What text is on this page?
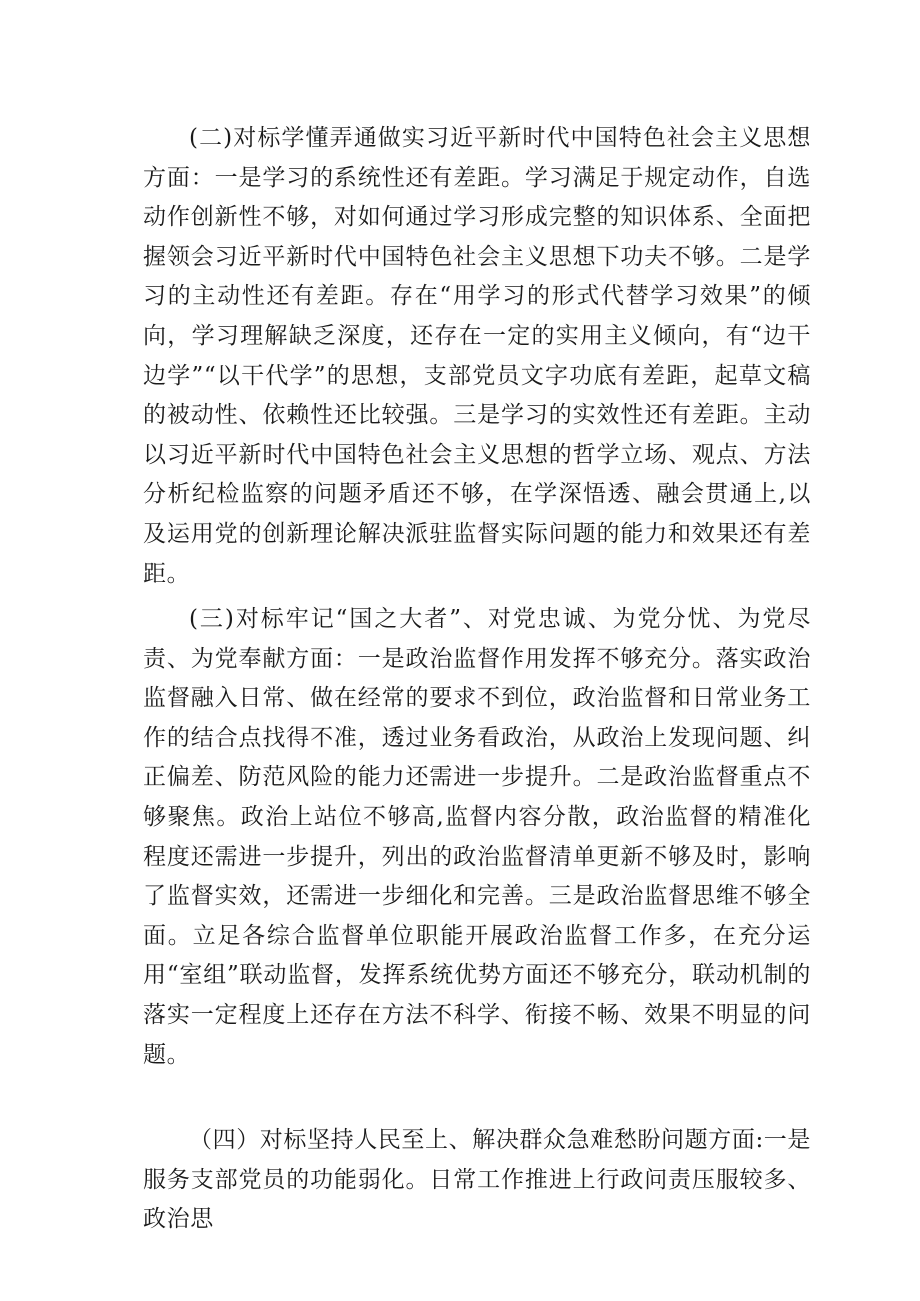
(二)对标学懂弄通做实习近平新时代中国特色社会主义思想方面：一是学习的系统性还有差距。学习满足于规定动作，自选动作创新性不够，对如何通过学习形成完整的知识体系、全面把握领会习近平新时代中国特色社会主义思想下功夫不够。二是学习的主动性还有差距。存在“用学习的形式代替学习效果”的倾向，学习理解缺乏深度，还存在一定的实用主义倾向，有“边干边学”“以干代学”的思想，支部党员文字功底有差距，起草文稿的被动性、依赖性还比较强。三是学习的实效性还有差距。主动以习近平新时代中国特色社会主义思想的哲学立场、观点、方法分析纪检监察的问题矛盾还不够，在学深悟透、融会贯通上,以及运用党的创新理论解决派驻监督实际问题的能力和效果还有差距。

(三)对标牢记“国之大者”、对党忠诚、为党分忧、为党尽责、为党奉献方面：一是政治监督作用发挥不够充分。落实政治监督融入日常、做在经常的要求不到位，政治监督和日常业务工作的结合点找得不准，透过业务看政治，从政治上发现问题、纠正偏差、防范风险的能力还需进一步提升。二是政治监督重点不够聚焦。政治上站位不够高,监督内容分散，政治监督的精准化程度还需进一步提升，列出的政治监督清单更新不够及时，影响了监督实效，还需进一步细化和完善。三是政治监督思维不够全面。立足各综合监督单位职能开展政治监督工作多，在充分运用“室组”联动监督，发挥系统优势方面还不够充分，联动机制的落实一定程度上还存在方法不科学、衔接不畅、效果不明显的问题。

（四）对标坚持人民至上、解决群众急难愁盼问题方面:一是服务支部党员的功能弱化。日常工作推进上行政问责压服较多、政治思
